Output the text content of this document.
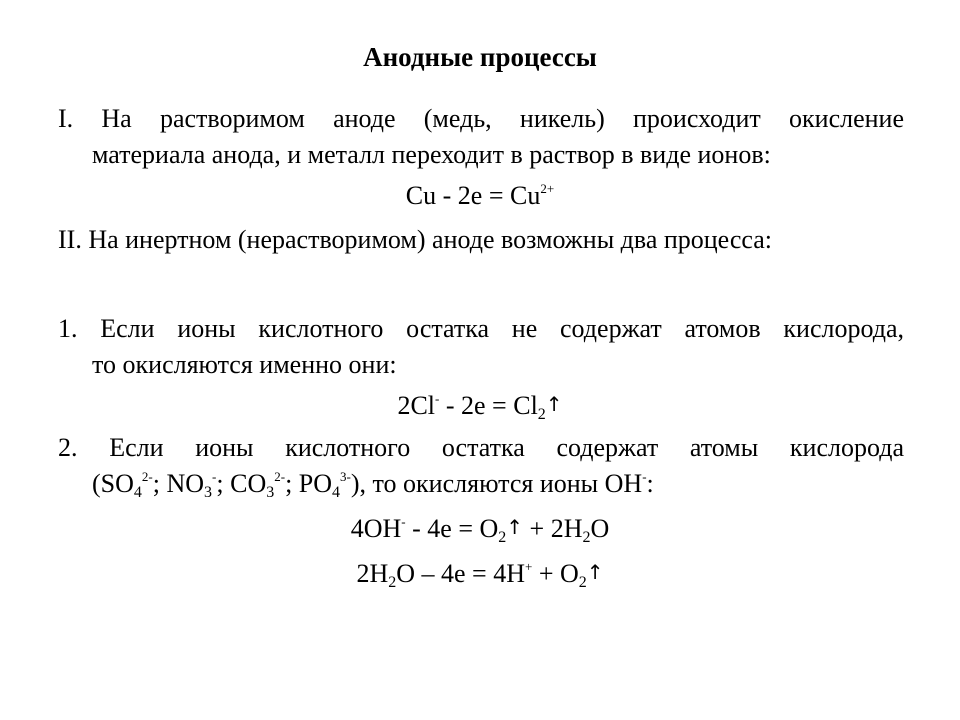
Анодные процессы
I. На растворимом аноде (медь, никель) происходит окисление
материала анода, и металл переходит в раствор в виде ионов:
$Cu - 2e = Cu^{2+}$
II. На инертном (нерастворимом) аноде возможны два процесса:
1. Если ионы кислотного остатка не содержат атомов кислорода,
то окисляются именно они:
$2Cl^- - 2e = Cl_2↑$
2. Если ионы кислотного остатка содержат атомы кислорода
($SO_4^{2-}$; $NO_3^-$; $CO_3^{2-}$; $PO_4^{3-}$), то окисляются ионы OH-:
$4OH^- - 4e = O_2↑ + 2H_2O$
$2H_2O - 4e = 4H^+$ + $O_2↑$
